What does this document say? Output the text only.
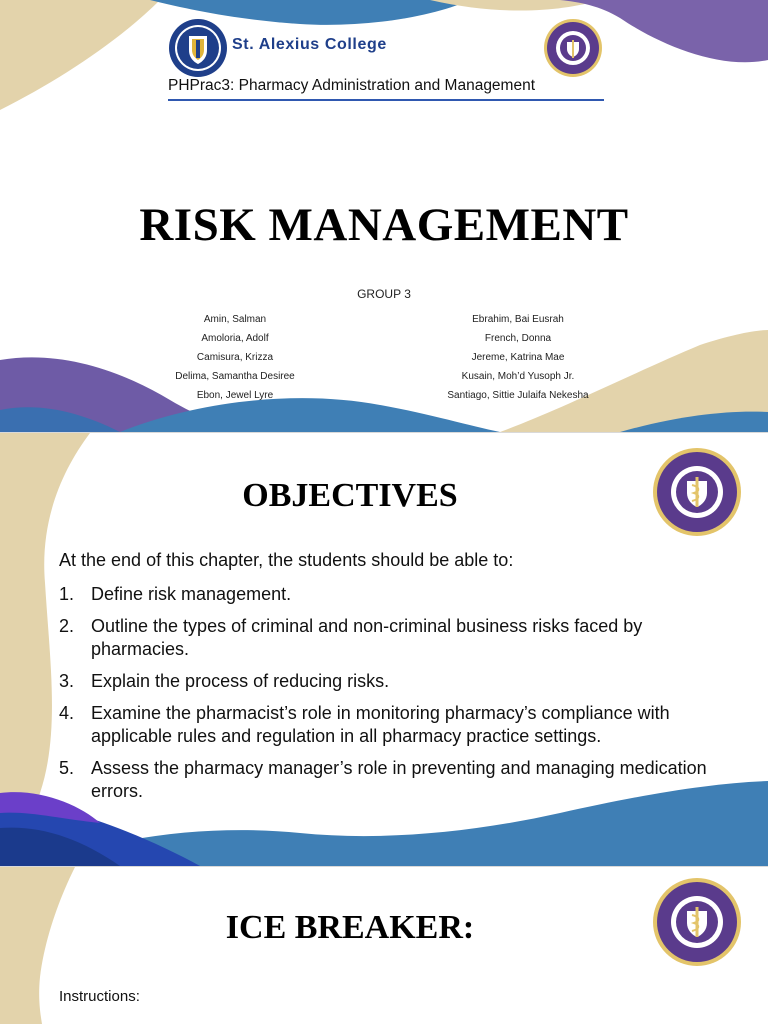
St. Alexius College
PHPrac3: Pharmacy Administration and Management
RISK MANAGEMENT
GROUP 3
Amin, Salman
Amoloria, Adolf
Camisura, Krizza
Delima, Samantha Desiree
Ebon, Jewel Lyre
Ebrahim, Bai Eusrah
French, Donna
Jereme, Katrina Mae
Kusain, Moh’d Yusoph Jr.
Santiago, Sittie Julaifa Nekesha
OBJECTIVES
At the end of this chapter, the students should be able to:
1. Define risk management.
2. Outline the types of criminal and non-criminal business risks faced by pharmacies.
3. Explain the process of reducing risks.
4. Examine the pharmacist’s role in monitoring pharmacy’s compliance with applicable rules and regulation in all pharmacy practice settings.
5. Assess the pharmacy manager’s role in preventing and managing medication errors.
ICE BREAKER:
Instructions:
